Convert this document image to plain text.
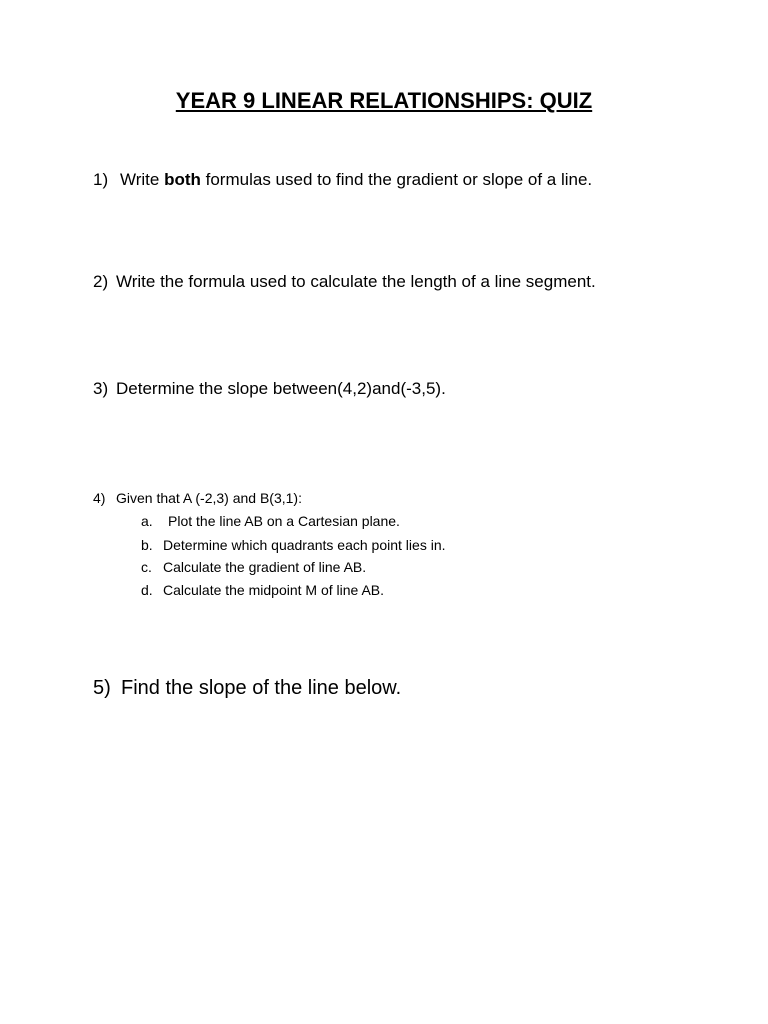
YEAR 9 LINEAR RELATIONSHIPS: QUIZ
1) Write both formulas used to find the gradient or slope of a line.
2) Write the formula used to calculate the length of a line segment.
3) Determine the slope between(4,2)and(-3,5).
4) Given that A (-2,3) and B(3,1):
a. Plot the line AB on a Cartesian plane.
b. Determine which quadrants each point lies in.
c. Calculate the gradient of line AB.
d. Calculate the midpoint M of line AB.
5) Find the slope of the line below.
